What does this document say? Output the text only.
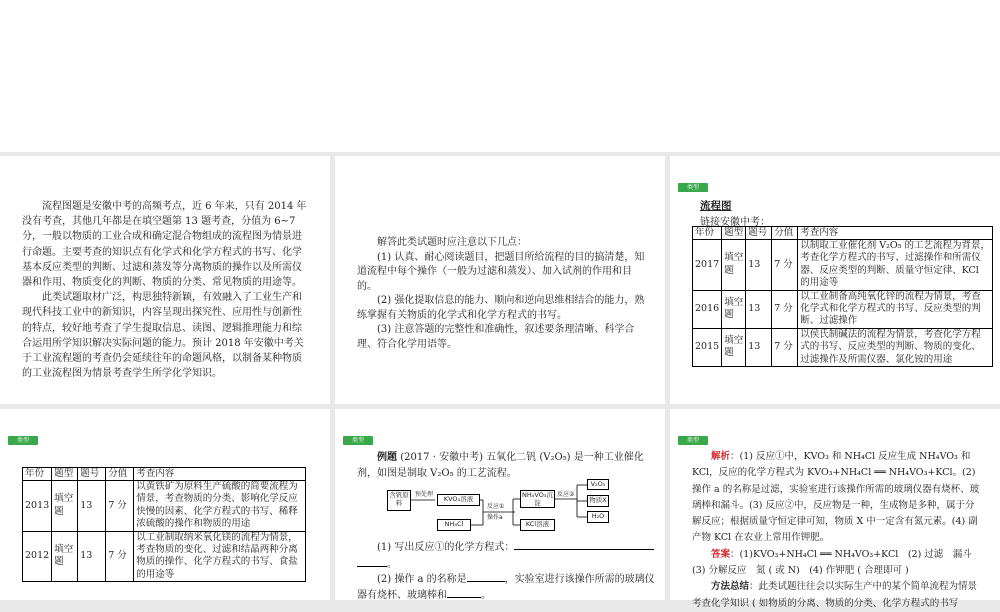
流程图题是安徽中考的高频考点，近 6 年来，只有 2014 年没有考查，其他几年都是在填空题第 13 题考查，分值为 6~7 分，一般以物质的工业合成和确定混合物组成的流程图为情景进行命题。主要考查的知识点有化学式和化学方程式的书写、化学基本反应类型的判断、过滤和蒸发等分离物质的操作以及所需仪器和作用、物质变化的判断、物质的分类、常见物质的用途等。

此类试题取材广泛，构思独特新颖，有效融入了工业生产和现代科技工业中的新知识，内容呈现出探究性、应用性与创新性的特点，较好地考查了学生提取信息、读图、逻辑推理能力和综合运用所学知识解决实际问题的能力。预计 2018 年安徽中考关于工业流程题的考查仍会延续往年的命题风格，以制备某种物质的工业流程图为情景考查学生所学化学知识。

解答此类试题时应注意以下几点：

(1) 认真、耐心阅读题目，把题目所给流程的目的搞清楚，知道流程中每个操作（一般为过滤和蒸发）、加入试剂的作用和目的。

(2) 强化提取信息的能力、顺向和逆向思维相结合的能力，熟练掌握有关物质的化学式和化学方程式的书写。

(3) 注意答题的完整性和准确性，叙述要条理清晰、科学合理、符合化学用语等。

类型
流程图
链接安徽中考：
年份	题型	题号	分值	考查内容
2017	填空题	13	7 分	以制取工业催化剂 V₂O₅ 的工艺流程为背景，考查化学方程式的书写、过滤操作和所需仪器、反应类型的判断、质量守恒定律、KCl 的用途等
2016	填空题	13	7 分	以工业制备高纯氧化锌的流程为情景，考查化学式和化学方程式的书写、反应类型的判断、过滤操作
2015	填空题	13	7 分	以侯氏制碱法的流程为情景，考查化学方程式的书写、反应类型的判断、物质的变化、过滤操作及所需仪器、氯化铵的用途
类型
年份	题型	题号	分值	考查内容
2013	填空题	13	7 分	以黄铁矿为原料生产硫酸的简要流程为情景，考查物质的分类、影响化学反应快慢的因素、化学方程式的书写、稀释浓硫酸的操作和物质的用途
2012	填空题	13	7 分	以工业制取纳米氧化镁的流程为情景，考查物质的变化、过滤和结晶两种分离物质的操作、化学方程式的书写、食盐的用途等
类型

例题 (2017 · 安徽中考) 五氧化二钒 (V₂O₅) 是一种工业催化剂，如图是制取 V₂O₅ 的工艺流程。

含钒原料
预处理
KVO₃溶液
NH₄Cl
反应①
操作a
NH₄VO₃沉淀
KCl溶液
反应②
V₂O₅
物质X
H₂O

(1) 写出反应①的化学方程式：

。

(2) 操作 a 的名称是	，实验室进行该操作所需的玻璃仪器有烧杯、玻璃棒和	。

类型

解析：(1) 反应①中，KVO₃ 和 NH₄Cl 反应生成 NH₄VO₃ 和 KCl，反应的化学方程式为 KVO₃+NH₄Cl ══ NH₄VO₃+KCl。(2) 操作 a 的名称是过滤，实验室进行该操作所需的玻璃仪器有烧杯、玻璃棒和漏斗。(3) 反应②中，反应物是一种，生成物是多种，属于分解反应；根据质量守恒定律可知，物质 X 中一定含有氮元素。(4) 副产物 KCl 在农业上常用作钾肥。

答案：(1)KVO₃+NH₄Cl ══ NH₄VO₃+KCl　(2) 过滤　漏斗　(3) 分解反应　氮 ( 或 N)　(4) 作钾肥 ( 合理即可 )

方法总结：此类试题往往会以实际生产中的某个简单流程为情景考查化学知识 ( 如物质的分离、物质的分类、化学方程式的书写
